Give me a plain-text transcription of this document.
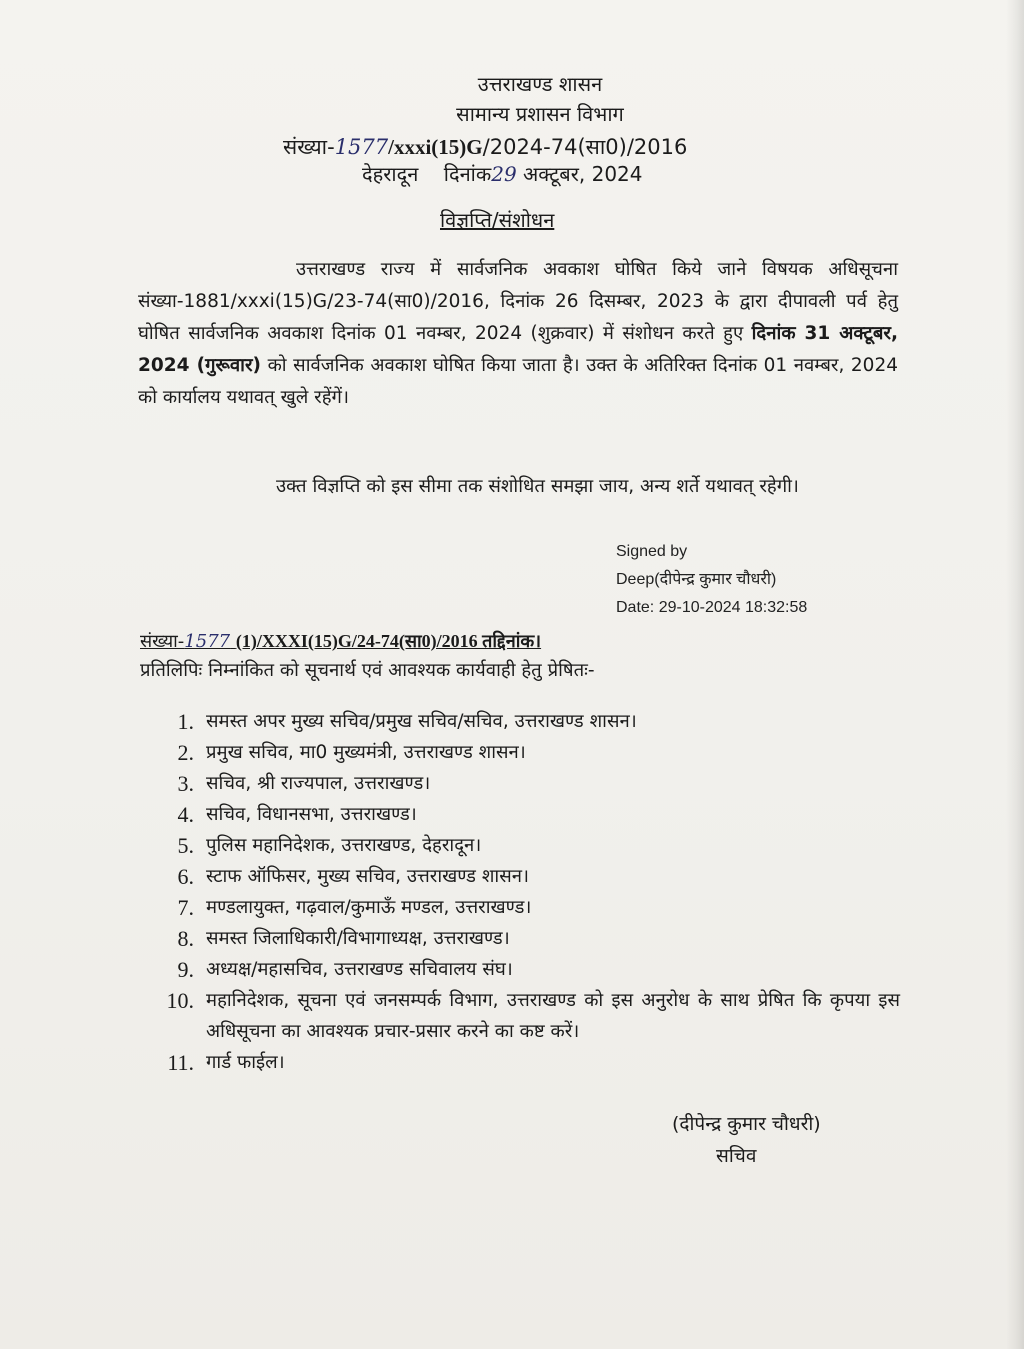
उत्तराखण्ड शासन
सामान्य प्रशासन विभाग
संख्या-1577/xxxi(15)G/2024-74(सा0)/2016
देहरादून दिनांक29 अक्टूबर, 2024
विज्ञप्ति/संशोधन
उत्तराखण्ड राज्य में सार्वजनिक अवकाश घोषित किये जाने विषयक अधिसूचना संख्या-1881/xxxi(15)G/23-74(सा0)/2016, दिनांक 26 दिसम्बर, 2023 के द्वारा दीपावली पर्व हेतु घोषित सार्वजनिक अवकाश दिनांक 01 नवम्बर, 2024 (शुक्रवार) में संशोधन करते हुए दिनांक 31 अक्टूबर, 2024 (गुरूवार) को सार्वजनिक अवकाश घोषित किया जाता है। उक्त के अतिरिक्त दिनांक 01 नवम्बर, 2024 को कार्यालय यथावत् खुले रहेंगें।
उक्त विज्ञप्ति को इस सीमा तक संशोधित समझा जाय, अन्य शर्ते यथावत् रहेगी।
Signed by
Deep(दीपेन्द्र कुमार चौधरी)
Date: 29-10-2024 18:32:58
संख्या-1577 (1)/XXXI(15)G/24-74(सा0)/2016 तद्दिनांक।
प्रतिलिपिः निम्नांकित को सूचनार्थ एवं आवश्यक कार्यवाही हेतु प्रेषितः-
1. समस्त अपर मुख्य सचिव/प्रमुख सचिव/सचिव, उत्तराखण्ड शासन।
2. प्रमुख सचिव, मा0 मुख्यमंत्री, उत्तराखण्ड शासन।
3. सचिव, श्री राज्यपाल, उत्तराखण्ड।
4. सचिव, विधानसभा, उत्तराखण्ड।
5. पुलिस महानिदेशक, उत्तराखण्ड, देहरादून।
6. स्टाफ ऑफिसर, मुख्य सचिव, उत्तराखण्ड शासन।
7. मण्डलायुक्त, गढ़वाल/कुमाऊँ मण्डल, उत्तराखण्ड।
8. समस्त जिलाधिकारी/विभागाध्यक्ष, उत्तराखण्ड।
9. अध्यक्ष/महासचिव, उत्तराखण्ड सचिवालय संघ।
10. महानिदेशक, सूचना एवं जनसम्पर्क विभाग, उत्तराखण्ड को इस अनुरोध के साथ प्रेषित कि कृपया इस अधिसूचना का आवश्यक प्रचार-प्रसार करने का कष्ट करें।
11. गार्ड फाईल।
(दीपेन्द्र कुमार चौधरी)
सचिव
